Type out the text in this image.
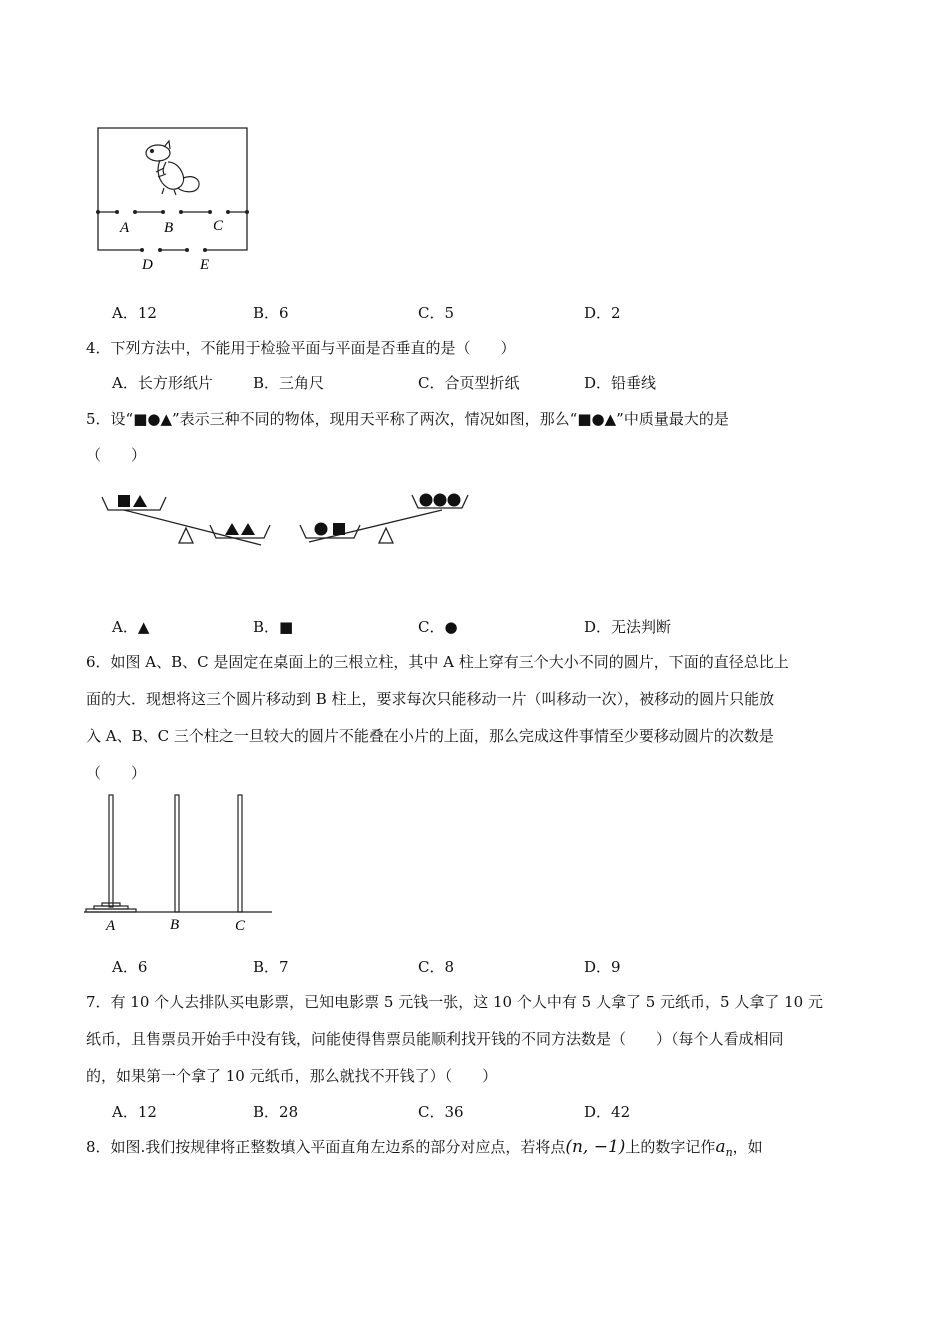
A B	C
D	E
A．12	B．6	C．5	D．2
4．下列方法中，不能用于检验平面与平面是否垂直的是（　　）
A．长方形纸片	B．三角尺	C．合页型折纸	D．铅垂线
5．设“■●▲”表示三种不同的物体，现用天平称了两次，情况如图，那么“■●▲”中质量最大的是
（　　）
A．▲	B．■	C．●	D．无法判断
6．如图 A、B、C 是固定在桌面上的三根立柱，其中 A 柱上穿有三个大小不同的圆片，下面的直径总比上
面的大．现想将这三个圆片移动到 B 柱上，要求每次只能移动一片（叫移动一次），被移动的圆片只能放
入 A、B、C 三个柱之一旦较大的圆片不能叠在小片的上面，那么完成这件事情至少要移动圆片的次数是
（　　）
A	B	C
A．6	B．7	C．8	D．9
7．有 10 个人去排队买电影票，已知电影票 5 元钱一张，这 10 个人中有 5 人拿了 5 元纸币，5 人拿了 10 元
纸币，且售票员开始手中没有钱，问能使得售票员能顺利找开钱的不同方法数是（　　）（每个人看成相同
的，如果第一个拿了 10 元纸币，那么就找不开钱了）（　　）
A．12	B．28	C．36	D．42
8．如图.我们按规律将正整数填入平面直角左边系的部分对应点，若将点(n, −1)上的数字记作$a_n$，如
